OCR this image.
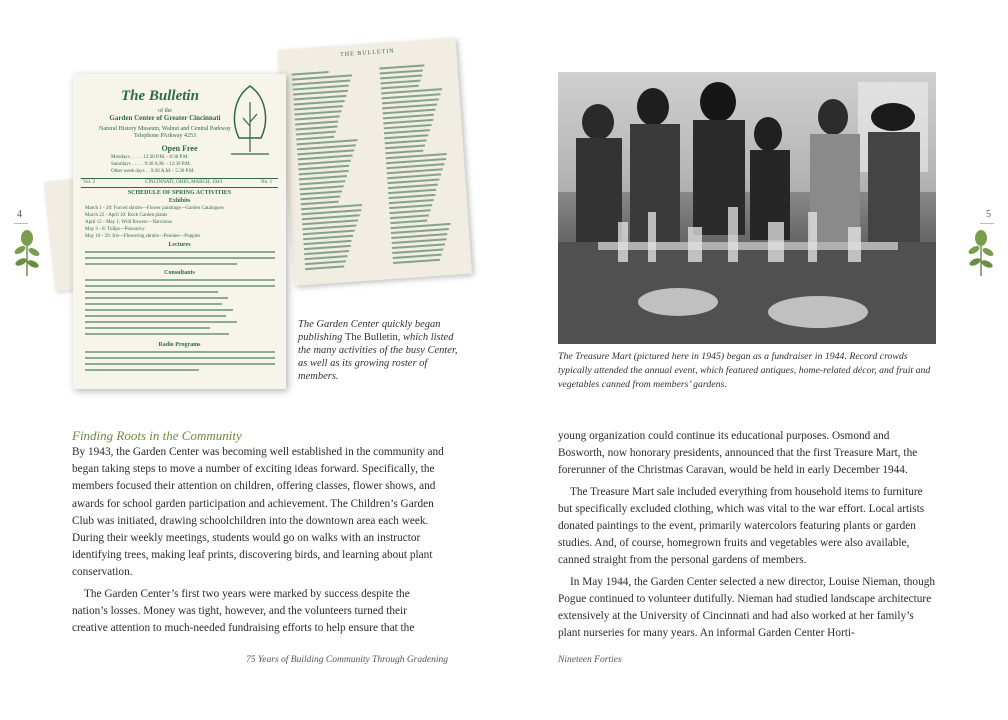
4
THE BULLETIN
The Bulletin
of the
Garden Center of Greater Cincinnati
Natural History Museum, Walnut and Central Parkway
Telephone PArkway 4253
Open Free
Mondays . . . . . 12:30 P.M. - 8:30 P.M.
Saturdays . . . . . 9:30 A.M. - 12:30 P.M.
Other week days . . 9:30 A.M. - 5:30 P.M.
Vol. 2	CINCINNATI, OHIO, MARCH, 1943	No. 1
SCHEDULE OF SPRING ACTIVITIES
Exhibits
March 1 - 20: Forced shrubs—Flower paintings—Garden Catalogues
March 22 - April 10: Rock Garden plants
April 12 - May 1: Wild flowers—Narcissus
May 3 - 8: Tulips—Poisonivy
May 10 - 29: Iris—Flowering shrubs—Peonies—Poppies
Lectures
Consultants
Radio Programs
The Garden Center quickly began publishing The Bulletin, which listed the many activities of the busy Center, as well as its growing roster of members.
Finding Roots in the Community

By 1943, the Garden Center was becoming well established in the community and began taking steps to move a number of exciting ideas forward. Specifically, the members focused their attention on children, offering classes, flower shows, and awards for school garden participation and achievement. The Children’s Garden Club was initiated, drawing schoolchildren into the downtown area each week. During their weekly meetings, students would go on walks with an instructor identifying trees, making leaf prints, discovering birds, and learning about plant conservation.

The Garden Center’s first two years were marked by success despite the nation’s losses. Money was tight, however, and the volunteers turned their creative attention to much-needed fundraising efforts to help ensure that the

75 Years of Building Community Through Gradening
5
The Treasure Mart (pictured here in 1945) began as a fundraiser in 1944. Record crowds typically attended the annual event, which featured antiques, home-related décor, and fruit and vegetables canned from members’ gardens.

young organization could continue its educational purposes. Osmond and Bosworth, now honorary presidents, announced that the first Treasure Mart, the forerunner of the Christmas Caravan, would be held in early December 1944.

The Treasure Mart sale included everything from household items to furniture but specifically excluded clothing, which was vital to the war effort. Local artists donated paintings to the event, primarily watercolors featuring plants or garden studies. And, of course, homegrown fruits and vegetables were also available, canned straight from the personal gardens of members.

In May 1944, the Garden Center selected a new director, Louise Nieman, though Pogue continued to volunteer dutifully. Nieman had studied landscape architecture extensively at the University of Cincinnati and had also worked at her family’s plant nurseries for many years. An informal Garden Center Horti-

Nineteen Forties
